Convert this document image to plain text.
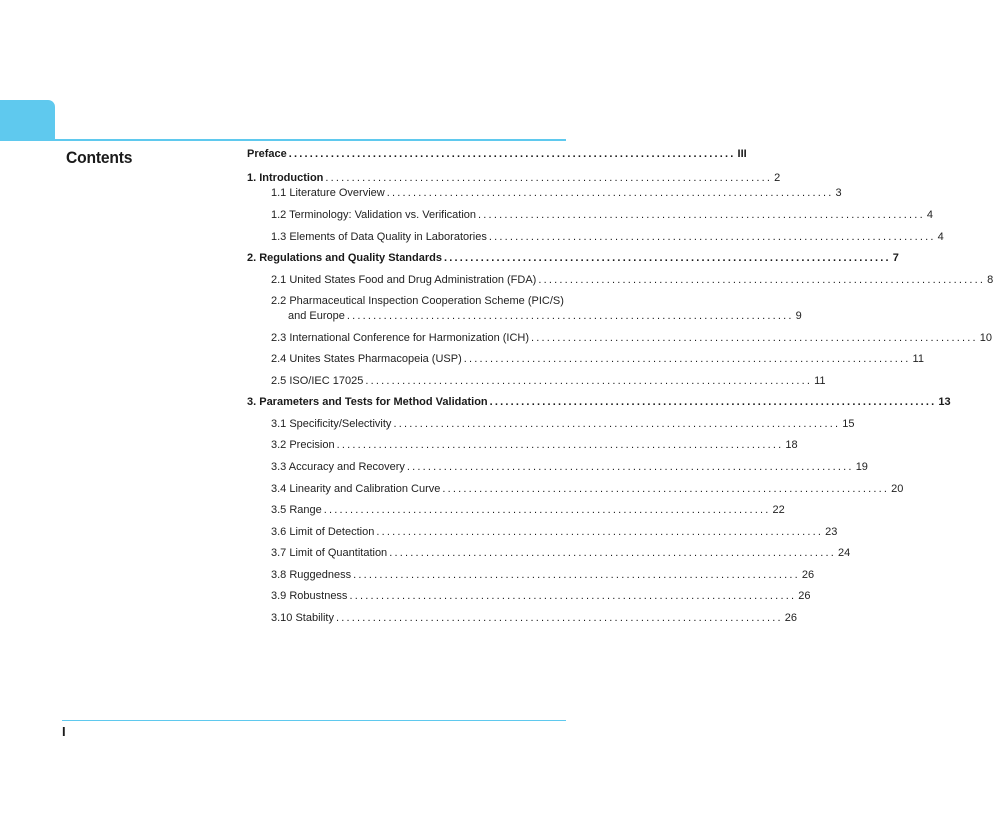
Contents	Preface ..................................................................................... III
1. Introduction ..................................................................................... 2
1.1 Literature Overview ..................................................................................... 3
1.2 Terminology: Validation vs. Verification ..................................................................................... 4
1.3 Elements of Data Quality in Laboratories ..................................................................................... 4
2. Regulations and Quality Standards ..................................................................................... 7
2.1 United States Food and Drug Administration (FDA) ..................................................................................... 8
2.2 Pharmaceutical Inspection Cooperation Scheme (PIC/S)
and Europe ..................................................................................... 9
2.3 International Conference for Harmonization (ICH) ..................................................................................... 10
2.4 Unites States Pharmacopeia (USP) ..................................................................................... 11
2.5 ISO/IEC 17025 ..................................................................................... 11
3. Parameters and Tests for Method Validation ..................................................................................... 13
3.1 Specificity/Selectivity ..................................................................................... 15
3.2 Precision ..................................................................................... 18
3.3 Accuracy and Recovery ..................................................................................... 19
3.4 Linearity and Calibration Curve ..................................................................................... 20
3.5 Range ..................................................................................... 22
3.6 Limit of Detection ..................................................................................... 23
3.7 Limit of Quantitation ..................................................................................... 24
3.8 Ruggedness ..................................................................................... 26
3.9 Robustness ..................................................................................... 26
3.10 Stability ..................................................................................... 26
I
